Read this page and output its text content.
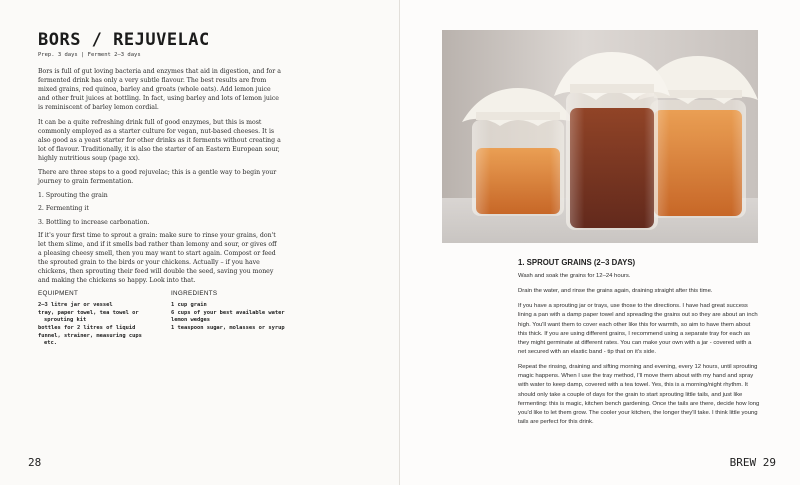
BORS / REJUVELAC
Prep. 3 days | Ferment 2–3 days

Bors is full of gut loving bacteria and enzymes that aid in digestion, and for a fermented drink has only a very subtle flavour. The best results are from mixed grains, red quinoa, barley and groats (whole oats). Add lemon juice and other fruit juices at bottling. In fact, using barley and lots of lemon juice is reminiscent of barley lemon cordial.

It can be a quite refreshing drink full of good enzymes, but this is most commonly employed as a starter culture for vegan, nut-based cheeses. It is also good as a yeast starter for other drinks as it ferments without creating a lot of flavour. Traditionally, it is also the starter of an Eastern European sour, highly nutritious soup (page xx).

There are three steps to a good rejuvelac; this is a gentle way to begin your journey to grain fermentation.

1. Sprouting the grain

2. Fermenting it

3. Bottling to increase carbonation.

If it's your first time to sprout a grain: make sure to rinse your grains, don't let them slime, and if it smells bad rather than lemony and sour, or gives off a pleasing cheesy smell, then you may want to start again. Compost or feed the sprouted grain to the birds or your chickens. Actually – if you have chickens, then sprouting their feed will double the seed, saving you money and making the chickens so happy. Look into that.

EQUIPMENT
2–3 litre jar or vessel
tray, paper towel, tea towel or sprouting kit
bottles for 2 litres of liquid
funnel, strainer, measuring cups etc.
INGREDIENTS
1 cup grain
6 cups of your best available water
lemon wedges
1 teaspoon sugar, molasses or syrup
28
1. SPROUT GRAINS (2–3 DAYS)

Wash and soak the grains for 12–24 hours.

Drain the water, and rinse the grains again, draining straight after this time.

If you have a sprouting jar or trays, use those to the directions. I have had great success lining a pan with a damp paper towel and spreading the grains out so they are about an inch high. You'll want them to cover each other like this for warmth, so aim to have them about this thick. If you are using different grains, I recommend using a separate tray for each as they might germinate at different rates. You can make your own with a jar - covered with a net secured with an elastic band - tip that on it's side.

Repeat the rinsing, draining and sifting morning and evening, every 12 hours, until sprouting magic happens. When I use the tray method, I'll move them about with my hand and spray with water to keep damp, covered with a tea towel. Yes, this is a morning/night rhythm. It should only take a couple of days for the grain to start sprouting little tails, and just like fermenting: this is magic, kitchen bench gardening. Once the tails are there, decide how long you'd like to let them grow. The cooler your kitchen, the longer they'll take. I think little young tails are perfect for this drink.

BREW 29
